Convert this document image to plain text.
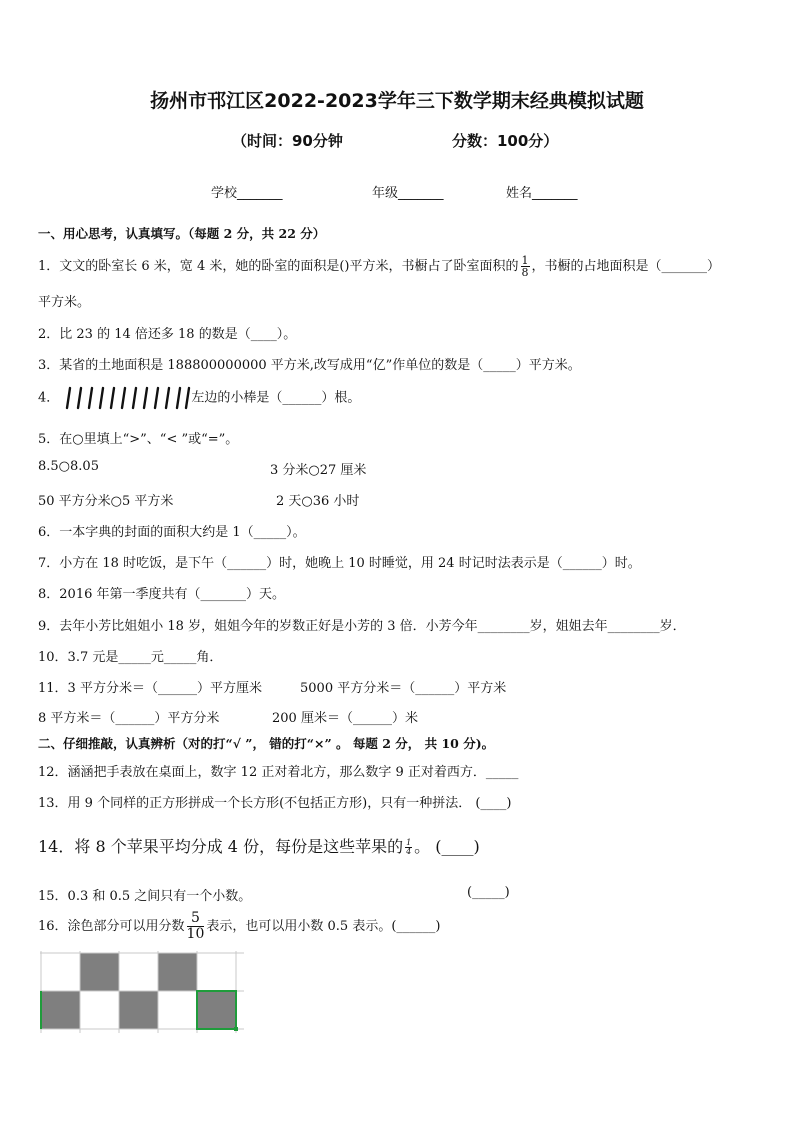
扬州市邗江区2022-2023学年三下数学期末经典模拟试题
（时间：90分钟	分数：100分）
学校_______	年级_______	姓名_______
一、用心思考，认真填写。（每题 2 分，共 22 分）
1．文文的卧室长 6 米，宽 4 米，她的卧室的面积是()平方米，书橱占了卧室面积的 $\frac{1}{8}$ ，书橱的占地面积是（_______）
平方米。
2．比 23 的 14 倍还多 18 的数是（____）。
3．某省的土地面积是 188800000000 平方米,改写成用“亿”作单位的数是（_____）平方米。
4．	左边的小棒是（______）根。
5．在○里填上“>”、“< ”或“=”。
8.5○8.05	3 分米○27 厘米
50 平方分米○5 平方米	2 天○36 小时
6．一本字典的封面的面积大约是 1（_____）。
7．小方在 18 时吃饭，是下午（______）时，她晚上 10 时睡觉，用 24 时记时法表示是（______）时。
8．2016 年第一季度共有（_______）天。
9．去年小芳比姐姐小 18 岁，姐姐今年的岁数正好是小芳的 3 倍．小芳今年________岁，姐姐去年________岁．
10．3.7 元是_____元_____角．
11．3 平方分米＝（______）平方厘米	5000 平方分米＝（______）平方米
8 平方米＝（______）平方分米	200 厘米＝（______）米
二、仔细推敲，认真辨析（对的打“√ ”， 错的打“×” 。 每题 2 分， 共 10 分)。
12．涵涵把手表放在桌面上，数字 12 正对着北方，那么数字 9 正对着西方．_____
13．用 9 个同样的正方形拼成一个长方形(不包括正方形)，只有一种拼法． (____)
14．将 8 个苹果平均分成 4 份，每份是这些苹果的 $\frac{1}{4}$ 。 (____)
15．0.3 和 0.5 之间只有一个小数。	(_____)
16．涂色部分可以用分数 $\frac{5}{10}$ 表示，也可以用小数 0.5 表示。(______)
